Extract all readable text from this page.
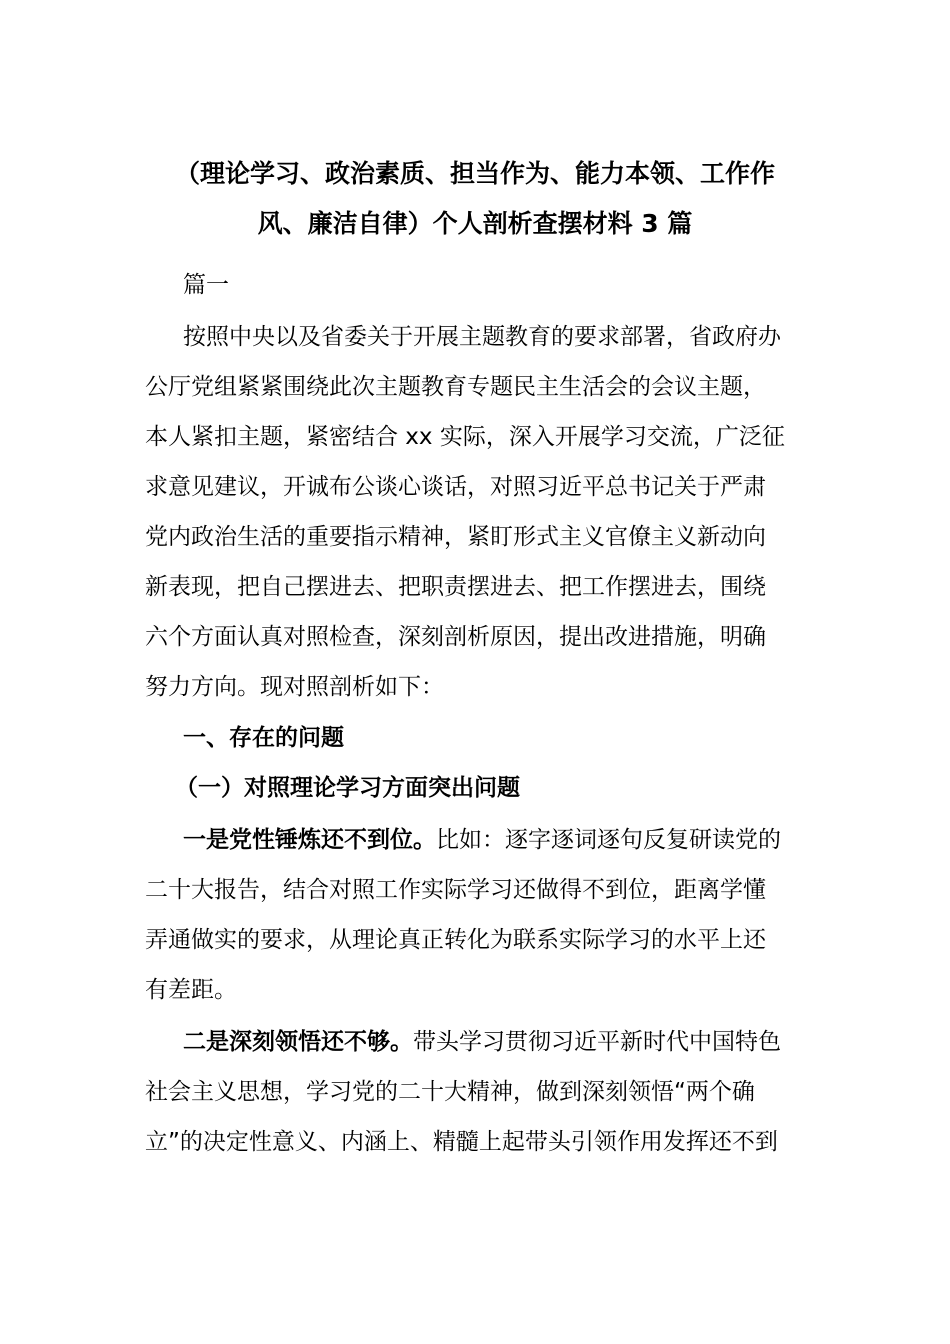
（理论学习、政治素质、担当作为、能力本领、工作作
风、廉洁自律）个人剖析查摆材料 3 篇
篇一
按照中央以及省委关于开展主题教育的要求部署，省政府办
公厅党组紧紧围绕此次主题教育专题民主生活会的会议主题，
本人紧扣主题，紧密结合 xx 实际，深入开展学习交流，广泛征
求意见建议，开诚布公谈心谈话，对照习近平总书记关于严肃
党内政治生活的重要指示精神，紧盯形式主义官僚主义新动向
新表现，把自己摆进去、把职责摆进去、把工作摆进去，围绕
六个方面认真对照检查，深刻剖析原因，提出改进措施，明确
努力方向。现对照剖析如下：
一、存在的问题
（一）对照理论学习方面突出问题
一是党性锤炼还不到位。比如：逐字逐词逐句反复研读党的
二十大报告，结合对照工作实际学习还做得不到位，距离学懂
弄通做实的要求，从理论真正转化为联系实际学习的水平上还
有差距。
二是深刻领悟还不够。带头学习贯彻习近平新时代中国特色
社会主义思想，学习党的二十大精神，做到深刻领悟“两个确
立”的决定性意义、内涵上、精髓上起带头引领作用发挥还不到
